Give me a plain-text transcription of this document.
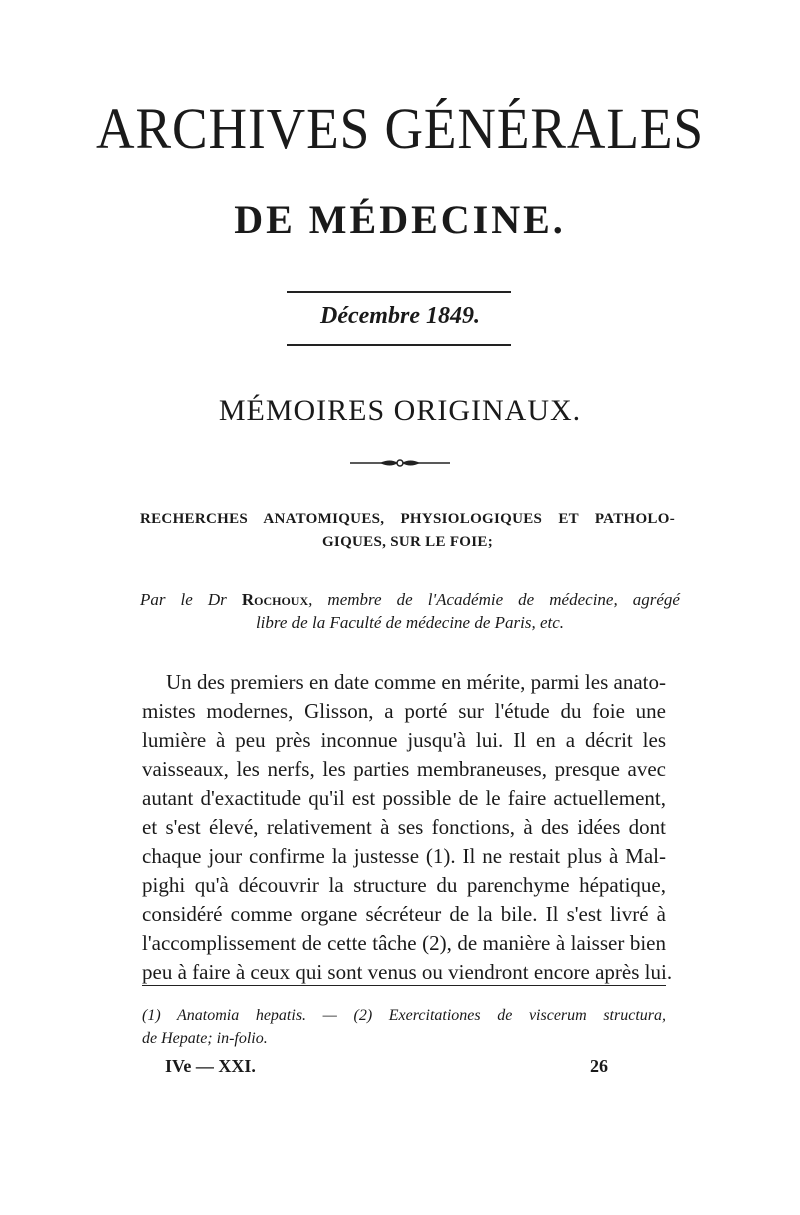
ARCHIVES GÉNÉRALES
DE MÉDECINE.
Décembre 1849.
MÉMOIRES ORIGINAUX.
RECHERCHES ANATOMIQUES, PHYSIOLOGIQUES ET PATHOLO-
GIQUES, SUR LE FOIE;
Par le Dr Rochoux, membre de l'Académie de médecine, agrégé
libre de la Faculté de médecine de Paris, etc.
Un des premiers en date comme en mérite, parmi les anato-
mistes modernes, Glisson, a porté sur l'étude du foie une
lumière à peu près inconnue jusqu'à lui. Il en a décrit les
vaisseaux, les nerfs, les parties membraneuses, presque avec
autant d'exactitude qu'il est possible de le faire actuellement,
et s'est élevé, relativement à ses fonctions, à des idées dont
chaque jour confirme la justesse (1). Il ne restait plus à Mal-
pighi qu'à découvrir la structure du parenchyme hépatique,
considéré comme organe sécréteur de la bile. Il s'est livré à
l'accomplissement de cette tâche (2), de manière à laisser bien
peu à faire à ceux qui sont venus ou viendront encore après lui.
(1) Anatomia hepatis. — (2) Exercitationes de viscerum structura,
de Hepate; in-folio.
IVe — XXI.	26
